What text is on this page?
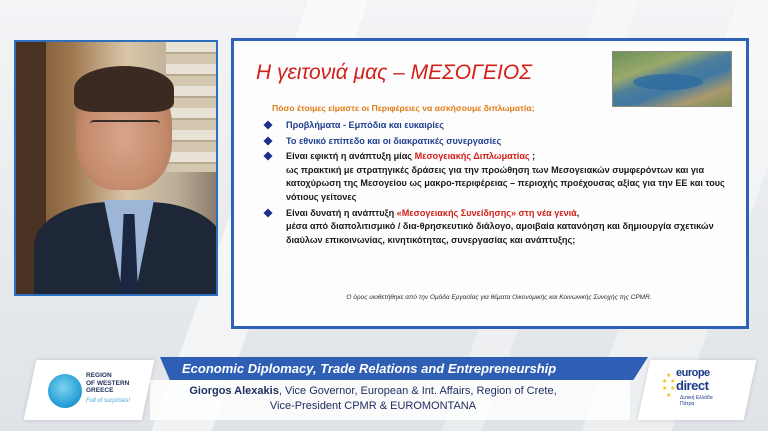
Η γειτονιά μας – ΜΕΣΟΓΕΙΟΣ
Πόσο έτοιμες είμαστε οι Περιφέρειες να ασκήσουμε διπλωματία;
Προβλήματα - Εμπόδια και ευκαιρίες
Το εθνικό επίπεδο και οι διακρατικές συνεργασίες
Είναι εφικτή η ανάπτυξη μίας Μεσογειακής Διπλωματίας ;
ως πρακτική με στρατηγικές δράσεις για την προώθηση των Μεσογειακών συμφερόντων και για κατοχύρωση της Μεσογείου ως μακρο-περιφέρειας – περιοχής προέχουσας αξίας για την ΕΕ και τους νότιους γείτονες
Είναι δυνατή η ανάπτυξη «Μεσογειακής Συνείδησης» στη νέα γενιά,
μέσα από διαπολιτισμικό / δια-θρησκευτικό διάλογο, αμοιβαία κατανόηση και δημιουργία σχετικών διαύλων επικοινωνίας, κινητικότητας, συνεργασίας και ανάπτυξης;
Ο όρος υιοθετήθηκε από την Ομάδα Εργασίας για θέματα Οικονομικής και Κοινωνικής Συνοχής της CPMR.
Economic Diplomacy, Trade Relations and Entrepreneurship
Giorgos Alexakis, Vice Governor, European & Int. Affairs, Region of Crete,
Vice-President CPMR & EUROMONTANA
REGION
OF WESTERN
GREECE
Full of surprises!
★
★ ★
★ ★
★
europe
direct
Δυτική Ελλάδα
Πάτρα
